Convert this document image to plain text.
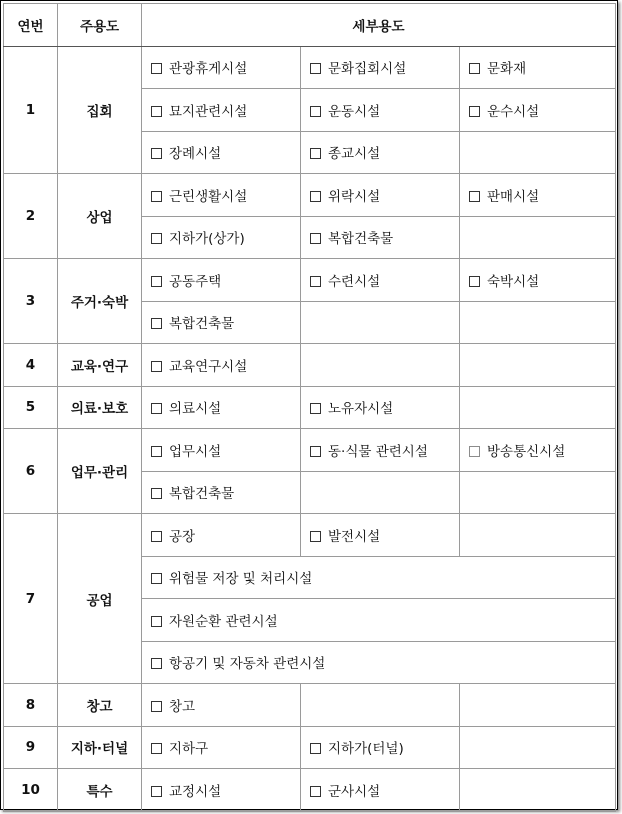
연번	주용도	세부용도		
1	집회	관광휴게시설	문화집회시설	문화재
		묘지관련시설	운동시설	운수시설
		장례시설	종교시설	
2	상업	근린생활시설	위락시설	판매시설
		지하가(상가)	복합건축물	
3	주거·숙박	공동주택	수련시설	숙박시설
		복합건축물		
4	교육·연구	교육연구시설		
5	의료·보호	의료시설	노유자시설	
6	업무·관리	업무시설	동·식물 관련시설	방송통신시설
		복합건축물		
7	공업	공장	발전시설	
		위험물 저장 및 처리시설		
		자원순환 관련시설		
		항공기 및 자동차 관련시설		
8	창고	창고		
9	지하·터널	지하구	지하가(터널)	
10	특수	교정시설	군사시설	
